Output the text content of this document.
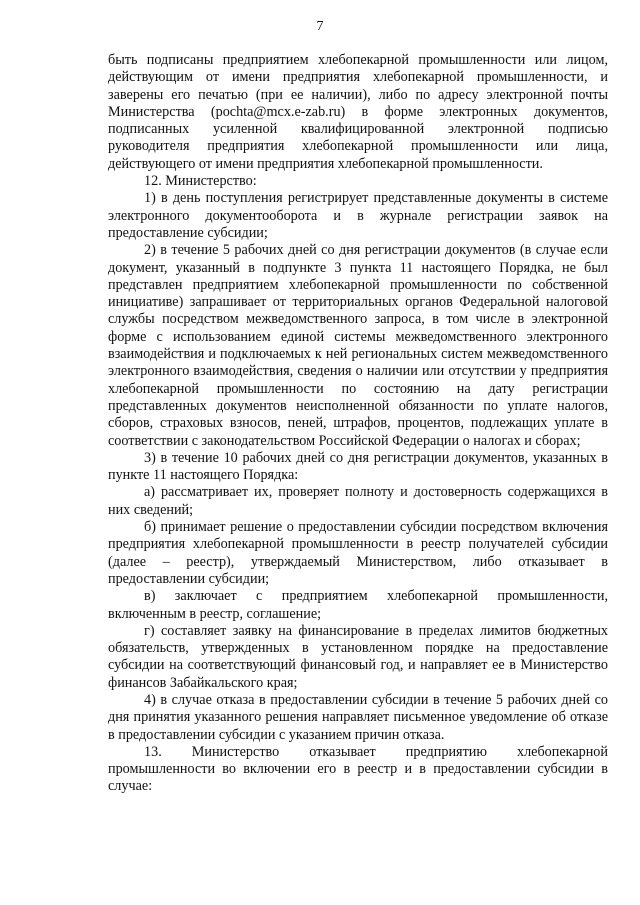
7

быть подписаны предприятием хлебопекарной промышленности или лицом, действующим от имени предприятия хлебопекарной промышленности, и заверены его печатью (при ее наличии), либо по адресу электронной почты Министерства (pochta@mcx.e-zab.ru) в форме электронных документов, подписанных усиленной квалифицированной электронной подписью руководителя предприятия хлебопекарной промышленности или лица, действующего от имени предприятия хлебопекарной промышленности.

12. Министерство:

1) в день поступления регистрирует представленные документы в системе электронного документооборота и в журнале регистрации заявок на предоставление субсидии;

2) в течение 5 рабочих дней со дня регистрации документов (в случае если документ, указанный в подпункте 3 пункта 11 настоящего Порядка, не был представлен предприятием хлебопекарной промышленности по собственной инициативе) запрашивает от территориальных органов Федеральной налоговой службы посредством межведомственного запроса, в том числе в электронной форме с использованием единой системы межведомственного электронного взаимодействия и подключаемых к ней региональных систем межведомственного электронного взаимодействия, сведения о наличии или отсутствии у предприятия хлебопекарной промышленности по состоянию на дату регистрации представленных документов неисполненной обязанности по уплате налогов, сборов, страховых взносов, пеней, штрафов, процентов, подлежащих уплате в соответствии с законодательством Российской Федерации о налогах и сборах;

3) в течение 10 рабочих дней со дня регистрации документов, указанных в пункте 11 настоящего Порядка:

а) рассматривает их, проверяет полноту и достоверность содержащихся в них сведений;

б) принимает решение о предоставлении субсидии посредством включения предприятия хлебопекарной промышленности в реестр получателей субсидии (далее – реестр), утверждаемый Министерством, либо отказывает в предоставлении субсидии;

в) заключает с предприятием хлебопекарной промышленности, включенным в реестр, соглашение;

г) составляет заявку на финансирование в пределах лимитов бюджетных обязательств, утвержденных в установленном порядке на предоставление субсидии на соответствующий финансовый год, и направляет ее в Министерство финансов Забайкальского края;

4) в случае отказа в предоставлении субсидии в течение 5 рабочих дней со дня принятия указанного решения направляет письменное уведомление об отказе в предоставлении субсидии с указанием причин отказа.

13. Министерство отказывает предприятию хлебопекарной промышленности во включении его в реестр и в предоставлении субсидии в случае:
